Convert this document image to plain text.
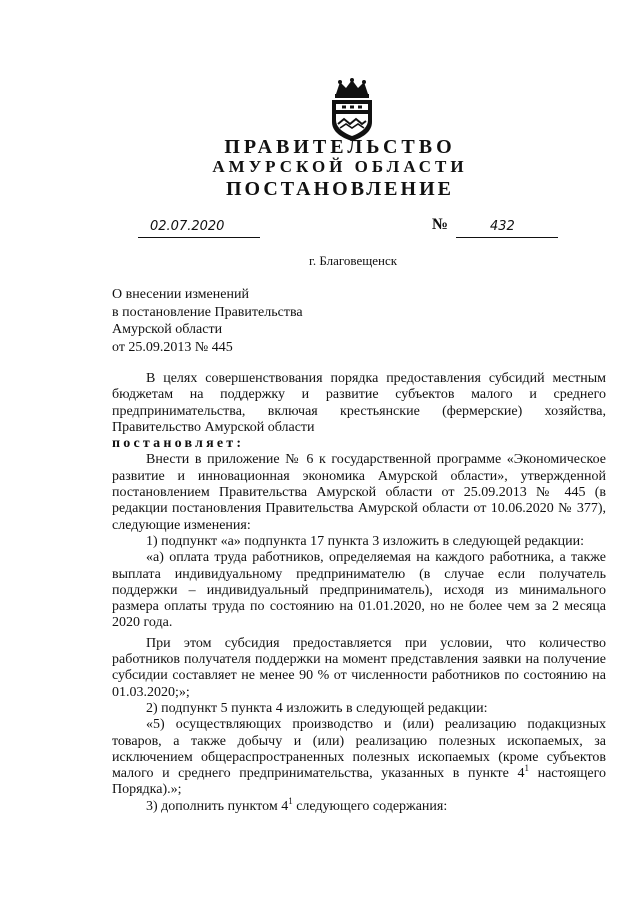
ПРАВИТЕЛЬСТВО
АМУРСКОЙ ОБЛАСТИ
ПОСТАНОВЛЕНИЕ
02.07.2020	№	432
г. Благовещенск
О внесении изменений
в постановление Правительства
Амурской области
от 25.09.2013 № 445

В целях совершенствования порядка предоставления субсидий местным бюджетам на поддержку и развитие субъектов малого и среднего предпринимательства, включая крестьянские (фермерские) хозяйства, Правительство Амурской области

постановляет:

Внести в приложение № 6 к государственной программе «Экономическое развитие и инновационная экономика Амурской области», утвержденной постановлением Правительства Амурской области от 25.09.2013 № 445 (в редакции постановления Правительства Амурской области от 10.06.2020 № 377), следующие изменения:

1) подпункт «а» подпункта 17 пункта 3 изложить в следующей редакции:

«а) оплата труда работников, определяемая на каждого работника, а также выплата индивидуальному предпринимателю (в случае если получатель поддержки – индивидуальный предприниматель), исходя из минимального размера оплаты труда по состоянию на 01.01.2020, но не более чем за 2 месяца 2020 года.

При этом субсидия предоставляется при условии, что количество работников получателя поддержки на момент представления заявки на получение субсидии составляет не менее 90 % от численности работников по состоянию на 01.03.2020;»;

2) подпункт 5 пункта 4 изложить в следующей редакции:

«5) осуществляющих производство и (или) реализацию подакцизных товаров, а также добычу и (или) реализацию полезных ископаемых, за исключением общераспространенных полезных ископаемых (кроме субъектов малого и среднего предпринимательства, указанных в пункте $4^1$ настоящего Порядка).»;

3) дополнить пунктом $4^1$ следующего содержания:
